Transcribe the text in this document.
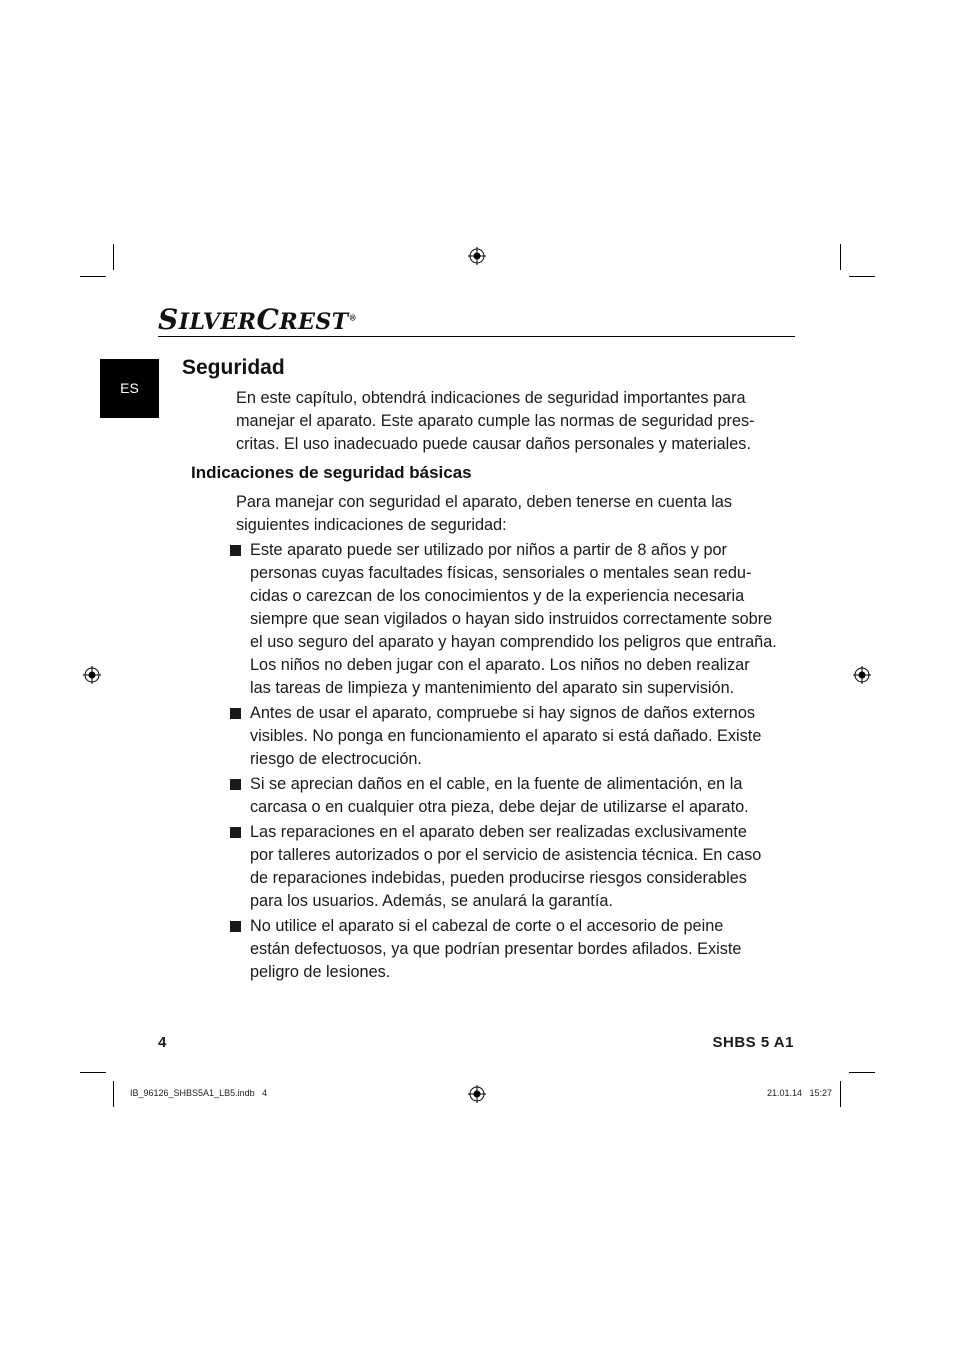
SILVERCREST®
ES
Seguridad

En este capítulo, obtendrá indicaciones de seguridad importantes para

manejar el aparato. Este aparato cumple las normas de seguridad pres-

critas. El uso inadecuado puede causar daños personales y materiales.

Indicaciones de seguridad básicas

Para manejar con seguridad el aparato, deben tenerse en cuenta las

siguientes indicaciones de seguridad:

Este aparato puede ser utilizado por niños a partir de 8 años y por
personas cuyas facultades físicas, sensoriales o mentales sean redu-
cidas o carezcan de los conocimientos y de la experiencia necesaria
siempre que sean vigilados o hayan sido instruidos correctamente sobre
el uso seguro del aparato y hayan comprendido los peligros que entraña.
Los niños no deben jugar con el aparato. Los niños no deben realizar
las tareas de limpieza y mantenimiento del aparato sin supervisión.
Antes de usar el aparato, compruebe si hay signos de daños externos
visibles. No ponga en funcionamiento el aparato si está dañado. Existe
riesgo de electrocución.
Si se aprecian daños en el cable, en la fuente de alimentación, en la
carcasa o en cualquier otra pieza, debe dejar de utilizarse el aparato.
Las reparaciones en el aparato deben ser realizadas exclusivamente
por talleres autorizados o por el servicio de asistencia técnica. En caso
de reparaciones indebidas, pueden producirse riesgos considerables
para los usuarios. Además, se anulará la garantía.
No utilice el aparato si el cabezal de corte o el accesorio de peine
están defectuosos, ya que podrían presentar bordes afilados. Existe
peligro de lesiones.
4	SHBS 5 A1
IB_96126_SHBS5A1_LB5.indb   4	21.01.14   15:27
